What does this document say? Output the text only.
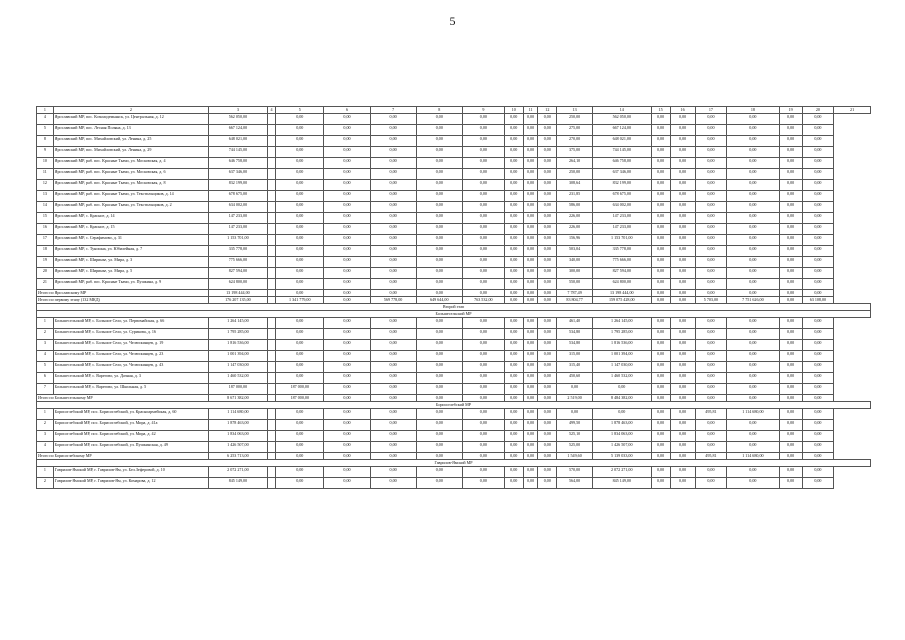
5
1	2	3	4	5	6	7	8	9	10	11	12	13	14	15	16	17	18	19	20	21
4	Ярославский МР, пос. Козьмодемьянск, ул. Центральная, д. 12	562 050,00		0,00	0,00	0,00	0,00	0,00	0,00	0,00	0,00	250,00	562 050,00	0,00	0,00	0,00	0,00	0,00	0,00	
5	Ярославский МР, пос. Лесная Поляна, д. 13	667 124,00		0,00	0,00	0,00	0,00	0,00	0,00	0,00	0,00	275,00	667 124,00	0,00	0,00	0,00	0,00	0,00	0,00	
8	Ярославский МР, пос. Михайловский, ул. Ленина, д. 25	648 021,00		0,00	0,00	0,00	0,00	0,00	0,00	0,00	0,00	270,00	648 021,00	0,00	0,00	0,00	0,00	0,00	0,00	
9	Ярославский МР, пос. Михайловский, ул. Ленина, д. 29	744 145,00		0,00	0,00	0,00	0,00	0,00	0,00	0,00	0,00	375,00	744 145,00	0,00	0,00	0,00	0,00	0,00	0,00	
10	Ярославский МР, раб. пос. Красные Ткачи, ул. Московская, д. 4	646 758,00		0,00	0,00	0,00	0,00	0,00	0,00	0,00	0,00	264,10	646 758,00	0,00	0,00	0,00	0,00	0,00	0,00	
11	Ярославский МР, раб. пос. Красные Ткачи, ул. Московская, д. 6	637 346,00		0,00	0,00	0,00	0,00	0,00	0,00	0,00	0,00	250,00	637 346,00	0,00	0,00	0,00	0,00	0,00	0,00	
12	Ярославский МР, раб. пос. Красные Ткачи, ул. Московская, д. 8	832 199,00		0,00	0,00	0,00	0,00	0,00	0,00	0,00	0,00	308,64	832 199,00	0,00	0,00	0,00	0,00	0,00	0,00	
13	Ярославский МР, раб. пос. Красные Ткачи, ул. Текстильщиков, д. 14	678 675,00		0,00	0,00	0,00	0,00	0,00	0,00	0,00	0,00	231,85	678 675,00	0,00	0,00	0,00	0,00	0,00	0,00	
14	Ярославский МР, раб. пос. Красные Ткачи, ул. Текстильщиков, д. 2	634 002,00		0,00	0,00	0,00	0,00	0,00	0,00	0,00	0,00	586,00	634 002,00	0,00	0,00	0,00	0,00	0,00	0,00	
15	Ярославский МР, с. Красное, д. 14	147 233,00		0,00	0,00	0,00	0,00	0,00	0,00	0,00	0,00	226,00	147 233,00	0,00	0,00	0,00	0,00	0,00	0,00	
16	Ярославский МР, с. Красное, д. 15	147 233,00		0,00	0,00	0,00	0,00	0,00	0,00	0,00	0,00	226,00	147 233,00	0,00	0,00	0,00	0,00	0,00	0,00	
17	Ярославский МР, с. Серафимово, д. 31	1 153 701,00		0,00	0,00	0,00	0,00	0,00	0,00	0,00	0,00	156,96	1 153 701,00	0,00	0,00	0,00	0,00	0,00	0,00	
18	Ярославский МР, с. Туношна, ул. Юбилейная, д. 7	335 778,00		0,00	0,00	0,00	0,00	0,00	0,00	0,00	0,00	503,04	335 778,00	0,00	0,00	0,00	0,00	0,00	0,00	
19	Ярославский МР, с. Ширинье, ул. Мира, д. 3	775 666,00		0,00	0,00	0,00	0,00	0,00	0,00	0,00	0,00	340,00	775 666,00	0,00	0,00	0,00	0,00	0,00	0,00	
20	Ярославский МР, с. Ширинье, ул. Мира, д. 5	827 594,00		0,00	0,00	0,00	0,00	0,00	0,00	0,00	0,00	300,00	827 594,00	0,00	0,00	0,00	0,00	0,00	0,00	
21	Ярославский МР, раб. пос. Красные Ткачи, ул. Пушкина, д. 9	624 800,00		0,00	0,00	0,00	0,00	0,00	0,00	0,00	0,00	550,00	624 800,00	0,00	0,00	0,00	0,00	0,00	0,00	
Итого по Ярославскому МР		13 198 444,00		0,00	0,00	0,00	0,00	0,00	0,00	0,00	0,00	7 787,49	13 198 444,00	0,00	0,00	0,00	0,00	0,00	0,00	
Итого по первому этапу (132 МКД)		176 207 135,00		1 341 779,00	0,00	569 778,00	649 644,00	763 532,00	0,00	0,00	0,00	83 804,77	159 075 428,00	0,00	0,00	5 703,00	7 751 626,00	0,00	63 108,00	
Второй этап																				
Большесельский МР																				
1	Большесельский МР, с. Большое Село, ул. Первомайская, д. 66	1 264 145,00		0,00	0,00	0,00	0,00	0,00	0,00	0,00	0,00	461,40	1 264 145,00	0,00	0,00	0,00	0,00	0,00	0,00	
2	Большесельский МР, с. Большое Село, ул. Сурикова, д. 16	1 795 285,00		0,00	0,00	0,00	0,00	0,00	0,00	0,00	0,00	534,80	1 795 285,00	0,00	0,00	0,00	0,00	0,00	0,00	
3	Большесельский МР, с. Большое Село, ул. Челюскинцев, д. 19	1 816 536,00		0,00	0,00	0,00	0,00	0,00	0,00	0,00	0,00	534,80	1 816 536,00	0,00	0,00	0,00	0,00	0,00	0,00	
4	Большесельский МР, с. Большое Село, ул. Челюскинцев, д. 23	1 001 394,00		0,00	0,00	0,00	0,00	0,00	0,00	0,00	0,00	315,00	1 001 394,00	0,00	0,00	0,00	0,00	0,00	0,00	
5	Большесельский МР, с. Большое Село, ул. Челюскинцев, д. 43	1 147 030,00		0,00	0,00	0,00	0,00	0,00	0,00	0,00	0,00	315,40	1 147 030,00	0,00	0,00	0,00	0,00	0,00	0,00	
6	Большесельский МР, с. Вареговo, ул. Дачная, д. 3	1 460 532,00		0,00	0,00	0,00	0,00	0,00	0,00	0,00	0,00	450,60	1 460 532,00	0,00	0,00	0,00	0,00	0,00	0,00	
7	Большесельский МР, с. Вареговo, ул. Школьная, д. 5	187 000,00		187 000,00	0,00	0,00	0,00	0,00	0,00	0,00	0,00	0,00	0,00	0,00	0,00	0,00	0,00	0,00	0,00	
Итого по Большесельскому МР		8 671 382,00		187 000,00	0,00	0,00	0,00	0,00	0,00	0,00	0,00	2 519,00	8 484 382,00	0,00	0,00	0,00	0,00	0,00	0,00	
Борисоглебский МР																				
1	Борисоглебский МР, пос. Борисоглебский, ул. Красноармейская, д. 60	1 114 680,00		0,00	0,00	0,00	0,00	0,00	0,00	0,00	0,00	0,00	0,00	0,00	0,00	495,81	1 114 680,00	0,00	0,00	
2	Борисоглебский МР, пос. Борисоглебский, ул. Мира, д. 41а	1 878 463,00		0,00	0,00	0,00	0,00	0,00	0,00	0,00	0,00	499,50	1 878 463,00	0,00	0,00	0,00	0,00	0,00	0,00	
3	Борисоглебский МР, пос. Борисоглебский, ул. Мира, д. 42	1 834 063,00		0,00	0,00	0,00	0,00	0,00	0,00	0,00	0,00	525,10	1 834 063,00	0,00	0,00	0,00	0,00	0,00	0,00	
4	Борисоглебский МР, пос. Борисоглебский, ул. Пушкинская, д. 49	1 426 507,00		0,00	0,00	0,00	0,00	0,00	0,00	0,00	0,00	525,00	1 426 507,00	0,00	0,00	0,00	0,00	0,00	0,00	
Итого по Борисоглебскому МР		6 253 713,00		0,00	0,00	0,00	0,00	0,00	0,00	0,00	0,00	1 549,60	5 139 033,00	0,00	0,00	495,81	1 114 680,00	0,00	0,00	
Гаврилов-Ямский МР																				
1	Гаврилов-Ямский МР, г. Гаврилов-Ям, ул. Бел.Зеферовой, д. 10	2 072 271,00		0,00	0,00	0,00	0,00	0,00	0,00	0,00	0,00	570,00	2 072 271,00	0,00	0,00	0,00	0,00	0,00	0,00	
2	Гаврилов-Ямский МР, г. Гаврилов-Ям, ул. Комарова, д. 12	845 149,00		0,00	0,00	0,00	0,00	0,00	0,00	0,00	0,00	564,00	845 149,00	0,00	0,00	0,00	0,00	0,00	0,00	
